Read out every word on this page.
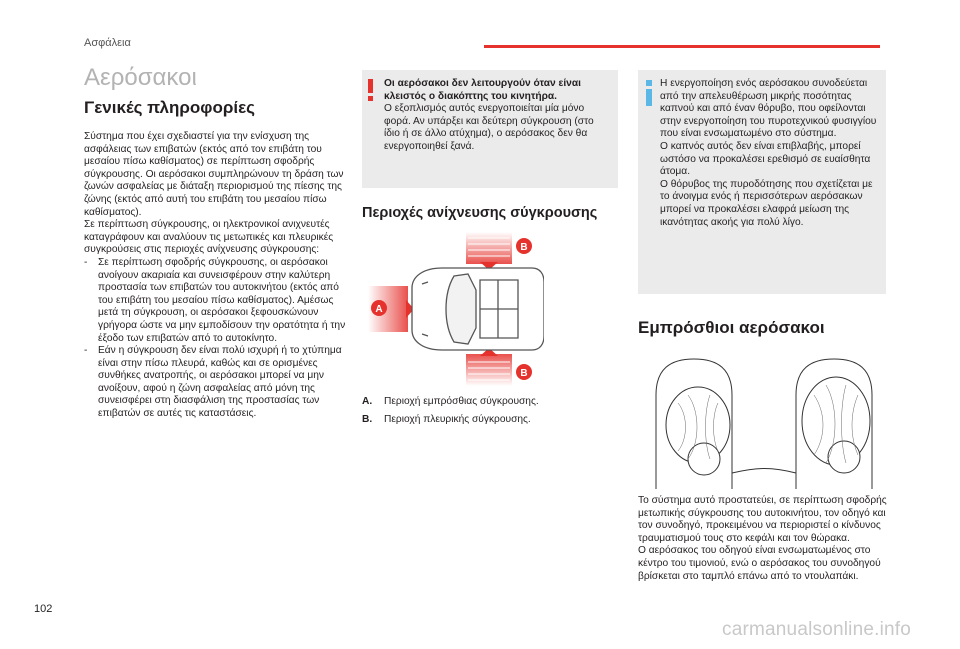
Ασφάλεια
Αερόσακοι
Γενικές πληροφορίες

Σύστημα που έχει σχεδιαστεί για την ενίσχυση της ασφάλειας των επιβατών (εκτός από τον επιβάτη του μεσαίου πίσω καθίσματος) σε περίπτωση σφοδρής σύγκρουσης. Οι αερόσακοι συμπληρώνουν τη δράση των ζωνών ασφαλείας με διάταξη περιορισμού της πίεσης της ζώνης (εκτός από αυτή του επιβάτη του μεσαίου πίσω καθίσματος).

Σε περίπτωση σύγκρουσης, οι ηλεκτρονικοί ανιχνευτές καταγράφουν και αναλύουν τις μετωπικές και πλευρικές συγκρούσεις στις περιοχές ανίχνευσης σύγκρουσης:

- Σε περίπτωση σφοδρής σύγκρουσης, οι αερόσακοι ανοίγουν ακαριαία και συνεισφέρουν στην καλύτερη προστασία των επιβατών του αυτοκινήτου (εκτός από του επιβάτη του μεσαίου πίσω καθίσματος). Αμέσως μετά τη σύγκρουση, οι αερόσακοι ξεφουσκώνουν γρήγορα ώστε να μην εμποδίσουν την ορατότητα ή την έξοδο των επιβατών από το αυτοκίνητο.
- Εάν η σύγκρουση δεν είναι πολύ ισχυρή ή το χτύπημα είναι στην πίσω πλευρά, καθώς και σε ορισμένες συνθήκες ανατροπής, οι αερόσακοι μπορεί να μην ανοίξουν, αφού η ζώνη ασφαλείας από μόνη της συνεισφέρει στη διασφάλιση της προστασίας των επιβατών σε αυτές τις καταστάσεις.
Οι αερόσακοι δεν λειτουργούν όταν είναι κλειστός ο διακόπτης του κινητήρα.
Ο εξοπλισμός αυτός ενεργοποιείται μία μόνο φορά. Αν υπάρξει και δεύτερη σύγκρουση (στο ίδιο ή σε άλλο ατύχημα), ο αερόσακος δεν θα ενεργοποιηθεί ξανά.
Περιοχές ανίχνευσης σύγκρουσης
A
B
B
A.	Περιοχή εμπρόσθιας σύγκρουσης.
B.	Περιοχή πλευρικής σύγκρουσης.
Η ενεργοποίηση ενός αερόσακου συνοδεύεται από την απελευθέρωση μικρής ποσότητας καπνού και από έναν θόρυβο, που οφείλονται στην ενεργοποίηση του πυροτεχνικού φυσιγγίου που είναι ενσωματωμένο στο σύστημα.
Ο καπνός αυτός δεν είναι επιβλαβής, μπορεί ωστόσο να προκαλέσει ερεθισμό σε ευαίσθητα άτομα.
Ο θόρυβος της πυροδότησης που σχετίζεται με το άνοιγμα ενός ή περισσότερων αερόσακων μπορεί να προκαλέσει ελαφρά μείωση της ικανότητας ακοής για πολύ λίγο.
Εμπρόσθιοι αερόσακοι
Το σύστημα αυτό προστατεύει, σε περίπτωση σφοδρής μετωπικής σύγκρουσης του αυτοκινήτου, τον οδηγό και τον συνοδηγό, προκειμένου να περιοριστεί ο κίνδυνος τραυματισμού τους στο κεφάλι και τον θώρακα.
Ο αερόσακος του οδηγού είναι ενσωματωμένος στο κέντρο του τιμονιού, ενώ ο αερόσακος του συνοδηγού βρίσκεται στο ταμπλό επάνω από το ντουλαπάκι.
102
carmanualsonline.info
